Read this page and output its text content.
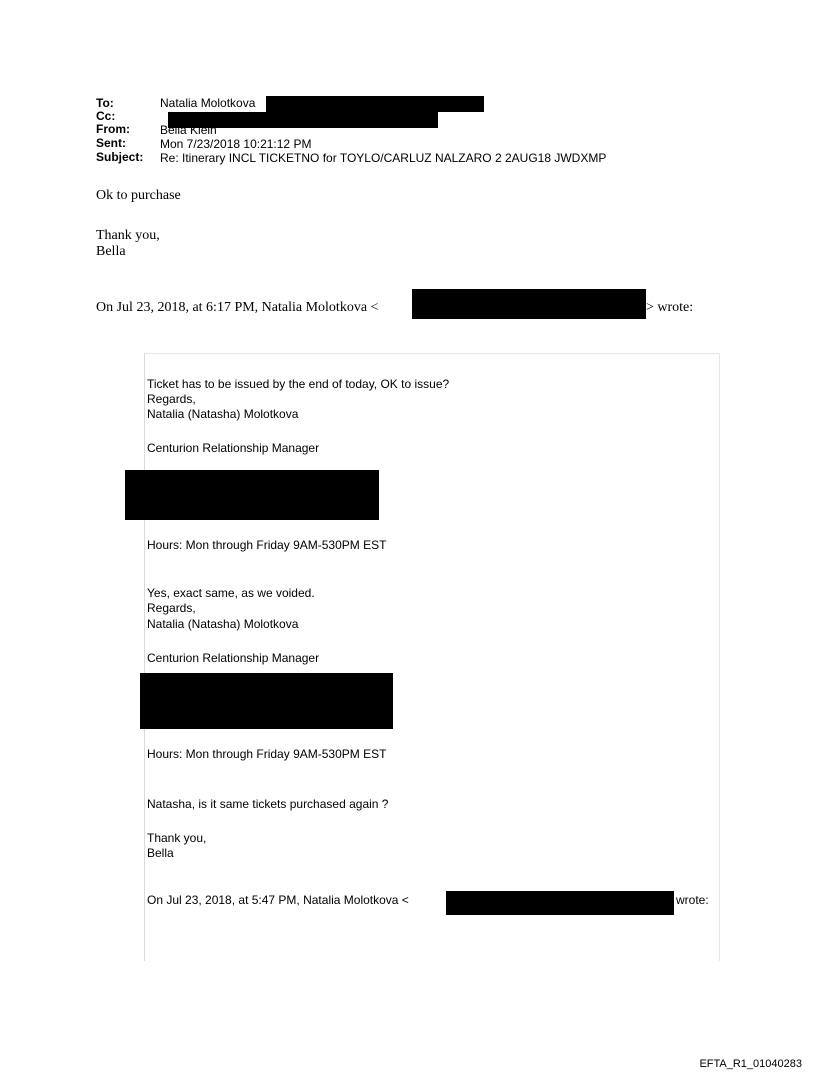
To:	Natalia Molotkova
Cc:
From:	Bella Klein
Sent:	Mon 7/23/2018 10:21:12 PM
Subject: Re: Itinerary INCL TICKETNO for TOYLO/CARLUZ NALZARO 2 2AUG18 JWDXMP
Ok to purchase
Thank you,
Bella
On Jul 23, 2018, at 6:17 PM, Natalia Molotkova <	> wrote:
Ticket has to be issued by the end of today, OK to issue?
Regards,
Natalia (Natasha) Molotkova
Centurion Relationship Manager
Hours: Mon through Friday 9AM-530PM EST
Yes, exact same, as we voided.
Regards,
Natalia (Natasha) Molotkova
Centurion Relationship Manager
Hours: Mon through Friday 9AM-530PM EST
Natasha, is it same tickets purchased again ?
Thank you,
Bella
On Jul 23, 2018, at 5:47 PM, Natalia Molotkova <	wrote:
EFTA_R1_01040283
